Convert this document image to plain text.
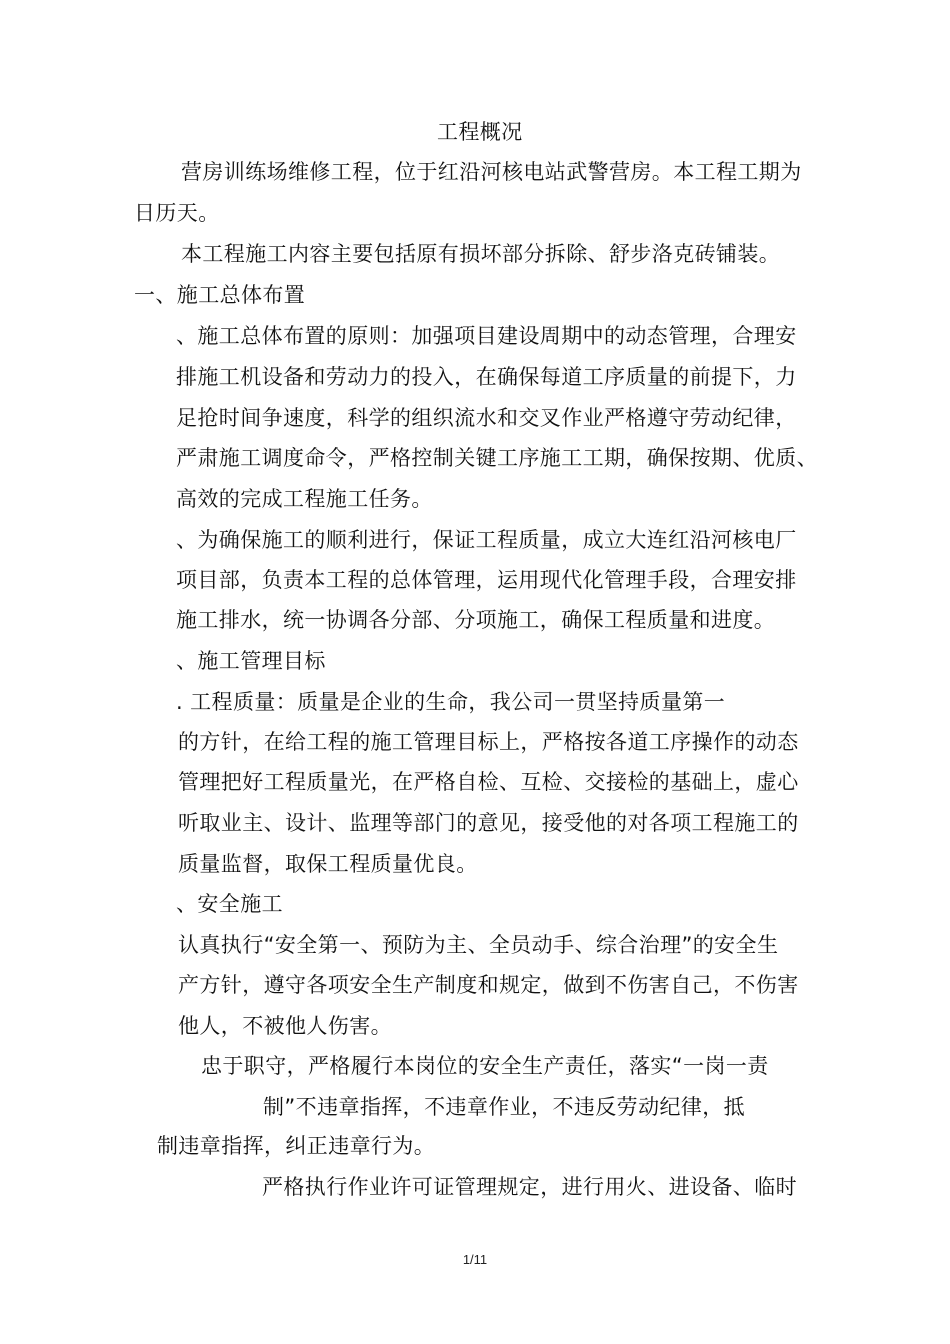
工程概况
营房训练场维修工程，位于红沿河核电站武警营房。本工程工期为
日历天。
本工程施工内容主要包括原有损坏部分拆除、舒步洛克砖铺装。
一、施工总体布置
、施工总体布置的原则：加强项目建设周期中的动态管理，合理安
排施工机设备和劳动力的投入，在确保每道工序质量的前提下，力
足抢时间争速度，科学的组织流水和交叉作业严格遵守劳动纪律，
严肃施工调度命令，严格控制关键工序施工工期，确保按期、优质、
高效的完成工程施工任务。
、为确保施工的顺利进行，保证工程质量，成立大连红沿河核电厂
项目部，负责本工程的总体管理，运用现代化管理手段，合理安排
施工排水，统一协调各分部、分项施工，确保工程质量和进度。
、施工管理目标
. 工程质量：质量是企业的生命，我公司一贯坚持质量第一
的方针，在给工程的施工管理目标上，严格按各道工序操作的动态
管理把好工程质量光，在严格自检、互检、交接检的基础上，虚心
听取业主、设计、监理等部门的意见，接受他的对各项工程施工的
质量监督，取保工程质量优良。
、安全施工
认真执行“安全第一、预防为主、全员动手、综合治理”的安全生
产方针，遵守各项安全生产制度和规定，做到不伤害自己，不伤害
他人，不被他人伤害。
忠于职守，严格履行本岗位的安全生产责任，落实“一岗一责
制”不违章指挥，不违章作业，不违反劳动纪律，抵
制违章指挥，纠正违章行为。
严格执行作业许可证管理规定，进行用火、进设备、临时
1/11
